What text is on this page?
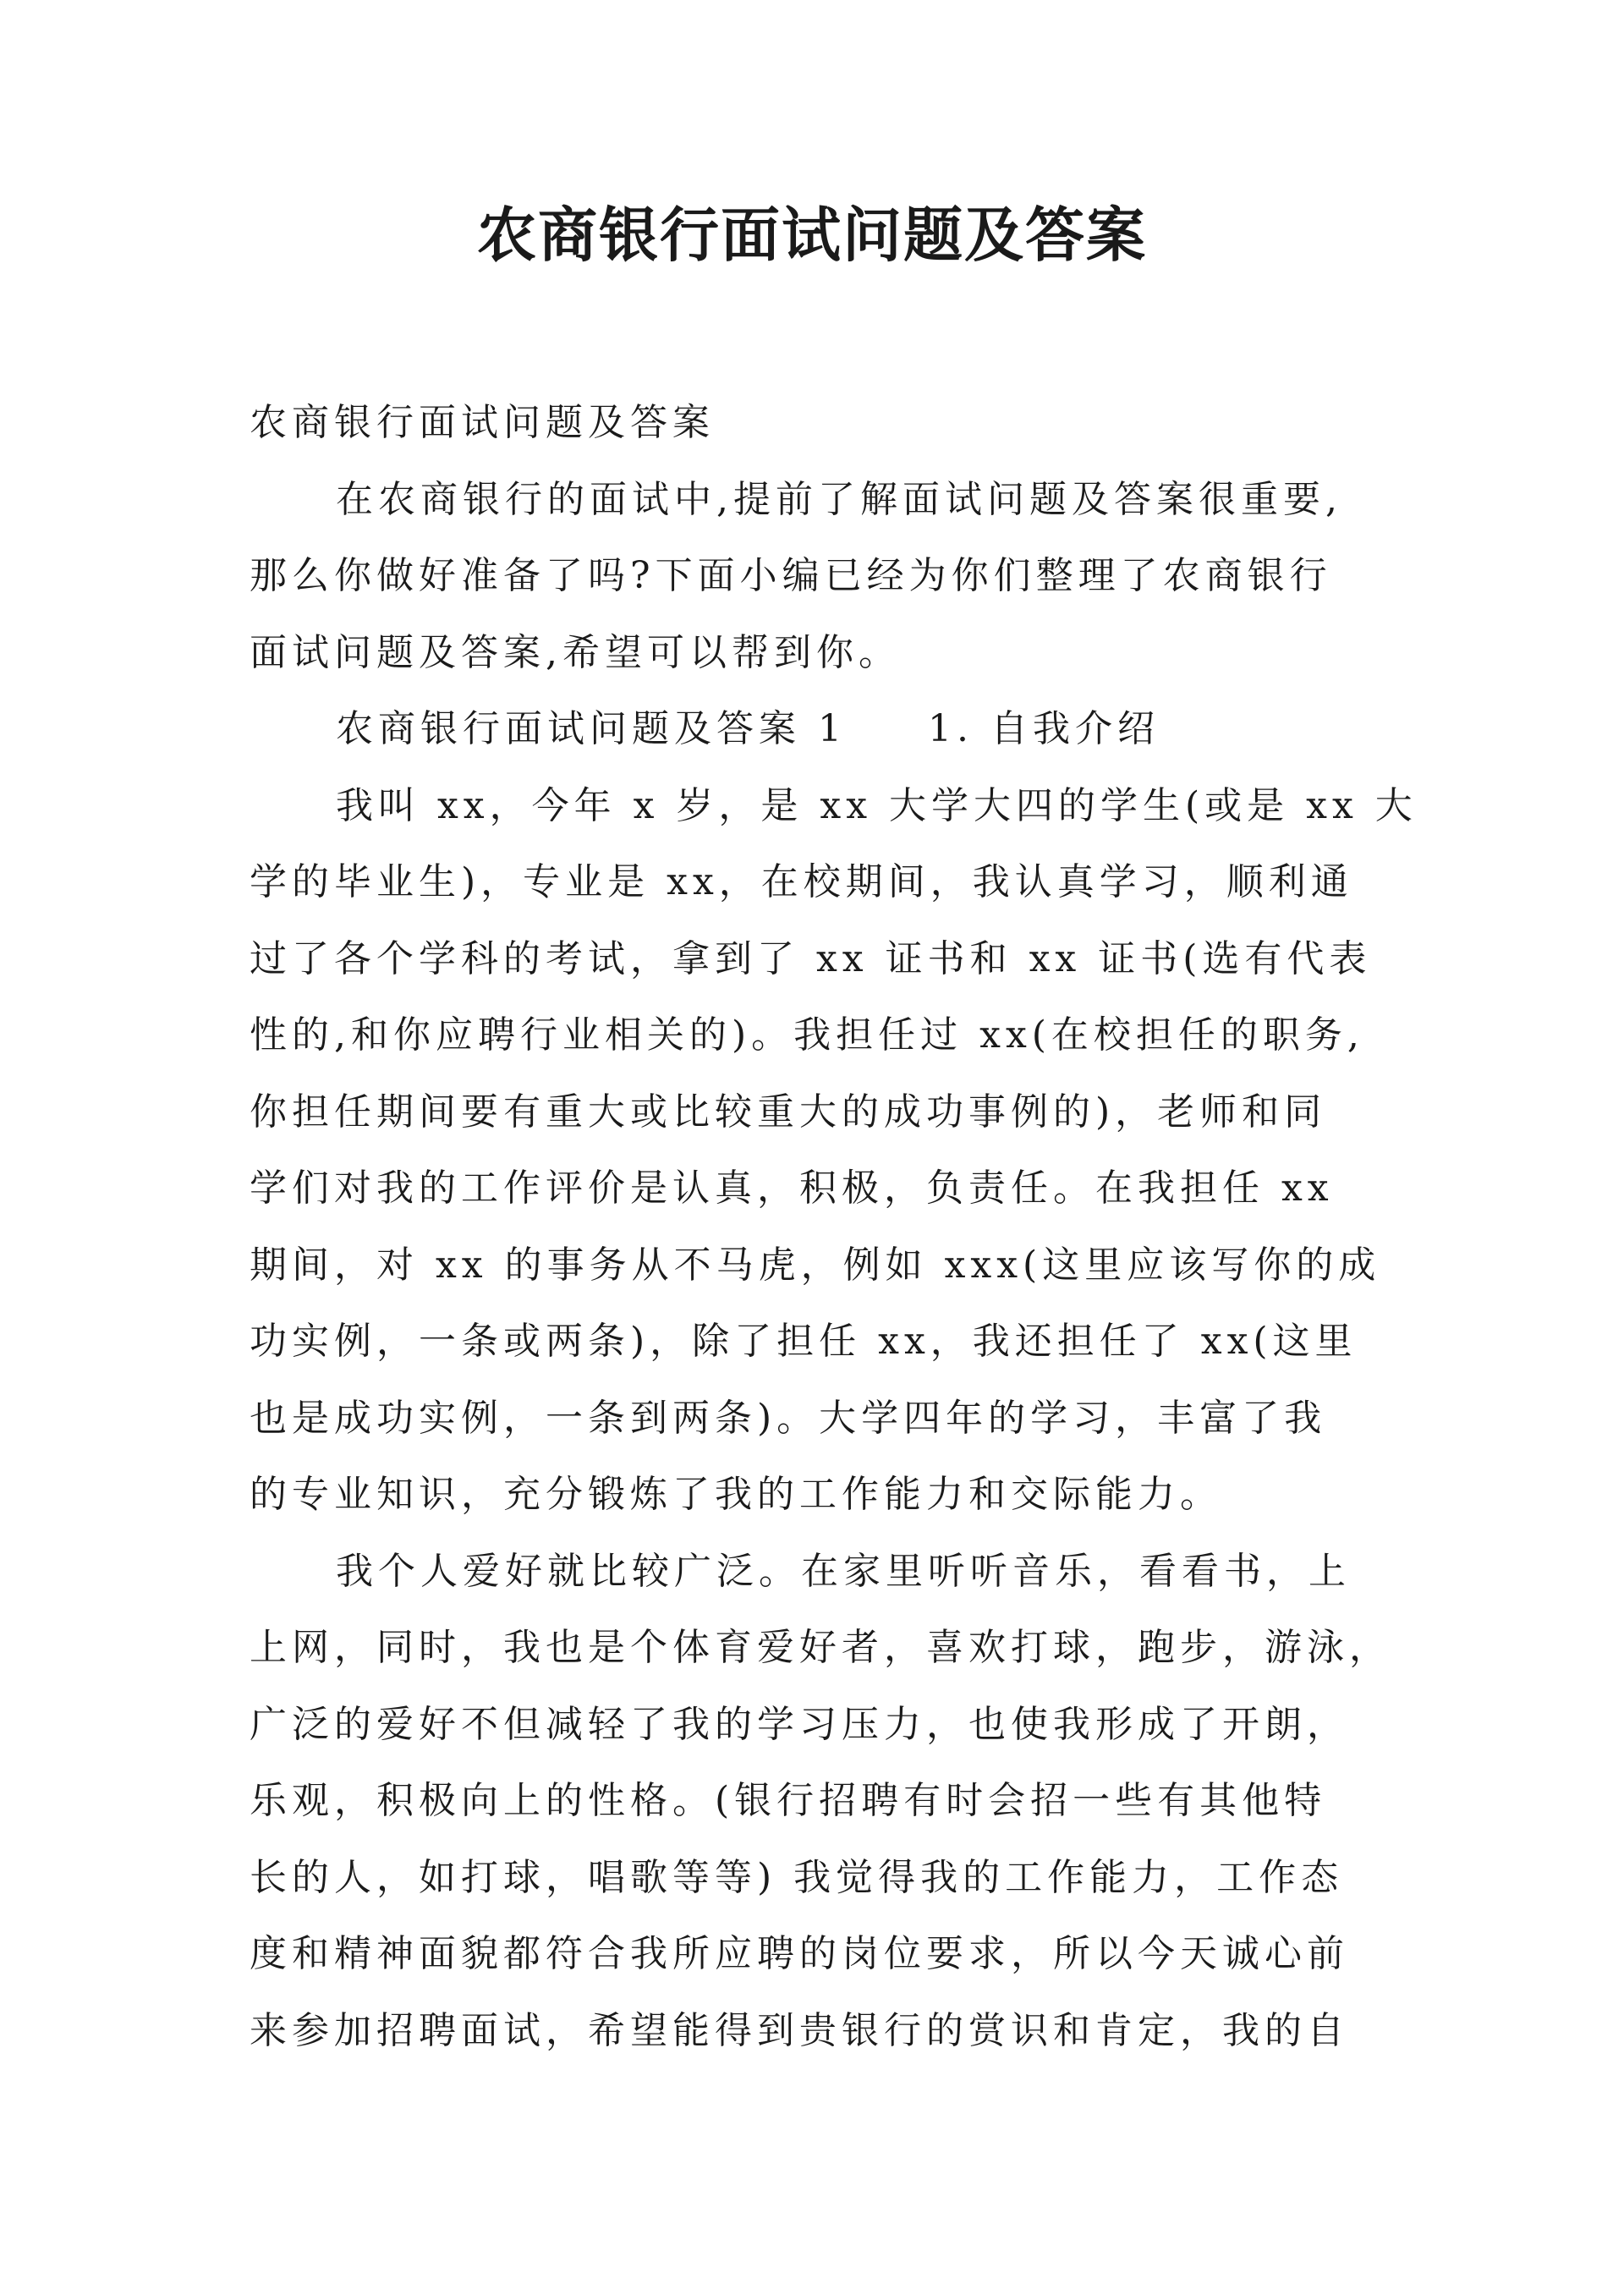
农商银行面试问题及答案
农商银行面试问题及答案
在农商银行的面试中,提前了解面试问题及答案很重要,
那么你做好准备了吗?下面小编已经为你们整理了农商银行
面试问题及答案,希望可以帮到你。
农商银行面试问题及答案 1 1. 自我介绍
我叫 xx，今年 x 岁，是 xx 大学大四的学生(或是 xx 大
学的毕业生)，专业是 xx，在校期间，我认真学习，顺利通
过了各个学科的考试，拿到了 xx 证书和 xx 证书(选有代表
性的,和你应聘行业相关的)。我担任过 xx(在校担任的职务,
你担任期间要有重大或比较重大的成功事例的)，老师和同
学们对我的工作评价是认真，积极，负责任。在我担任 xx
期间，对 xx 的事务从不马虎，例如 xxx(这里应该写你的成
功实例，一条或两条)，除了担任 xx，我还担任了 xx(这里
也是成功实例，一条到两条)。大学四年的学习，丰富了我
的专业知识，充分锻炼了我的工作能力和交际能力。
我个人爱好就比较广泛。在家里听听音乐，看看书，上
上网，同时，我也是个体育爱好者，喜欢打球，跑步，游泳，
广泛的爱好不但减轻了我的学习压力，也使我形成了开朗，
乐观，积极向上的性格。(银行招聘有时会招一些有其他特
长的人，如打球，唱歌等等) 我觉得我的工作能力，工作态
度和精神面貌都符合我所应聘的岗位要求，所以今天诚心前
来参加招聘面试，希望能得到贵银行的赏识和肯定，我的自
